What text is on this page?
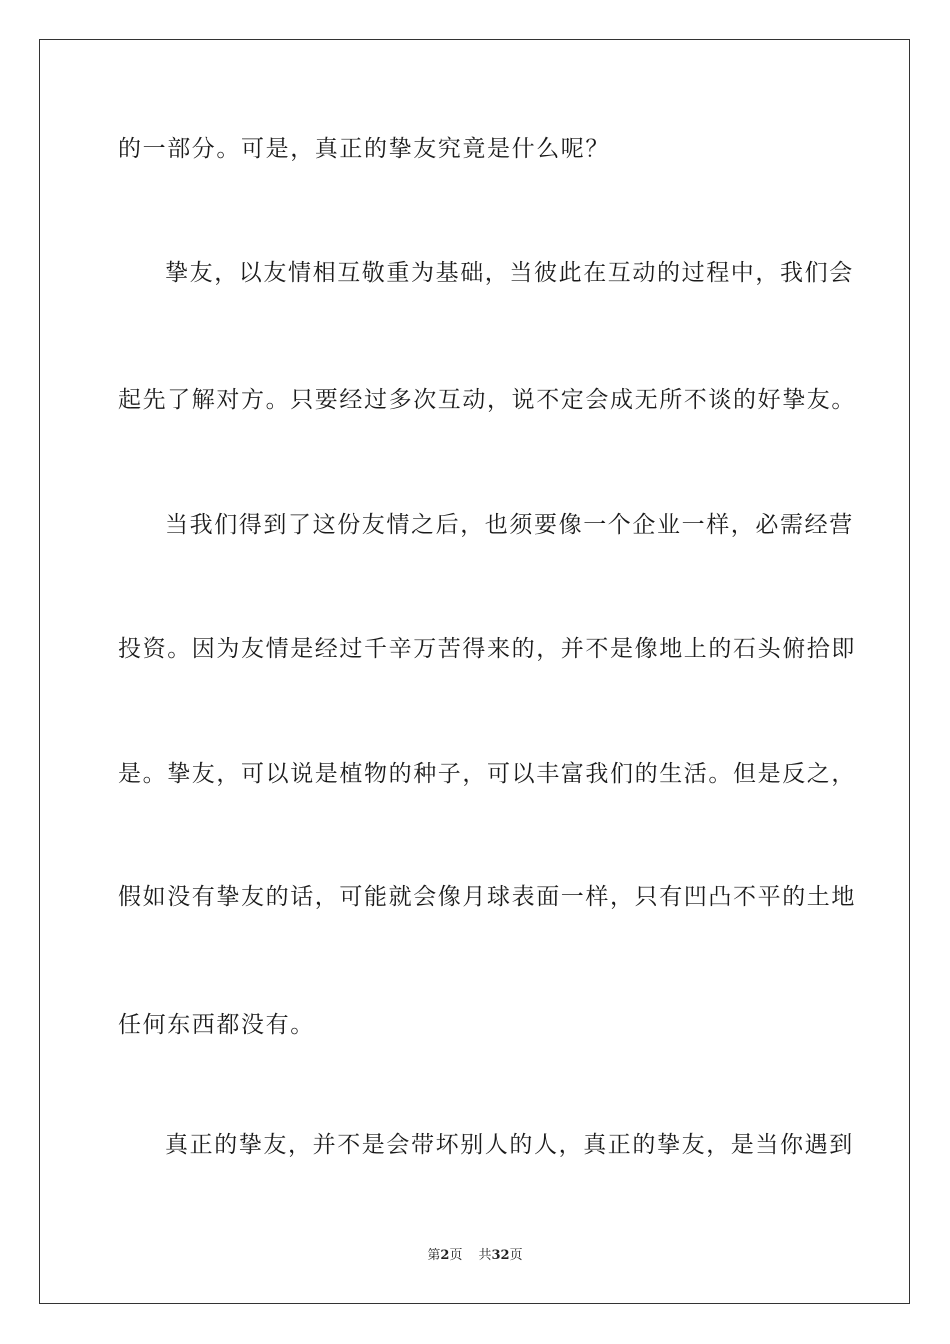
的一部分。可是，真正的挚友究竟是什么呢？

挚友，以友情相互敬重为基础，当彼此在互动的过程中，我们会

起先了解对方。只要经过多次互动，说不定会成无所不谈的好挚友。

当我们得到了这份友情之后，也须要像一个企业一样，必需经营

投资。因为友情是经过千辛万苦得来的，并不是像地上的石头俯拾即

是。挚友，可以说是植物的种子，可以丰富我们的生活。但是反之，

假如没有挚友的话，可能就会像月球表面一样，只有凹凸不平的土地

任何东西都没有。

真正的挚友，并不是会带坏别人的人，真正的挚友，是当你遇到

第2页 共32页
